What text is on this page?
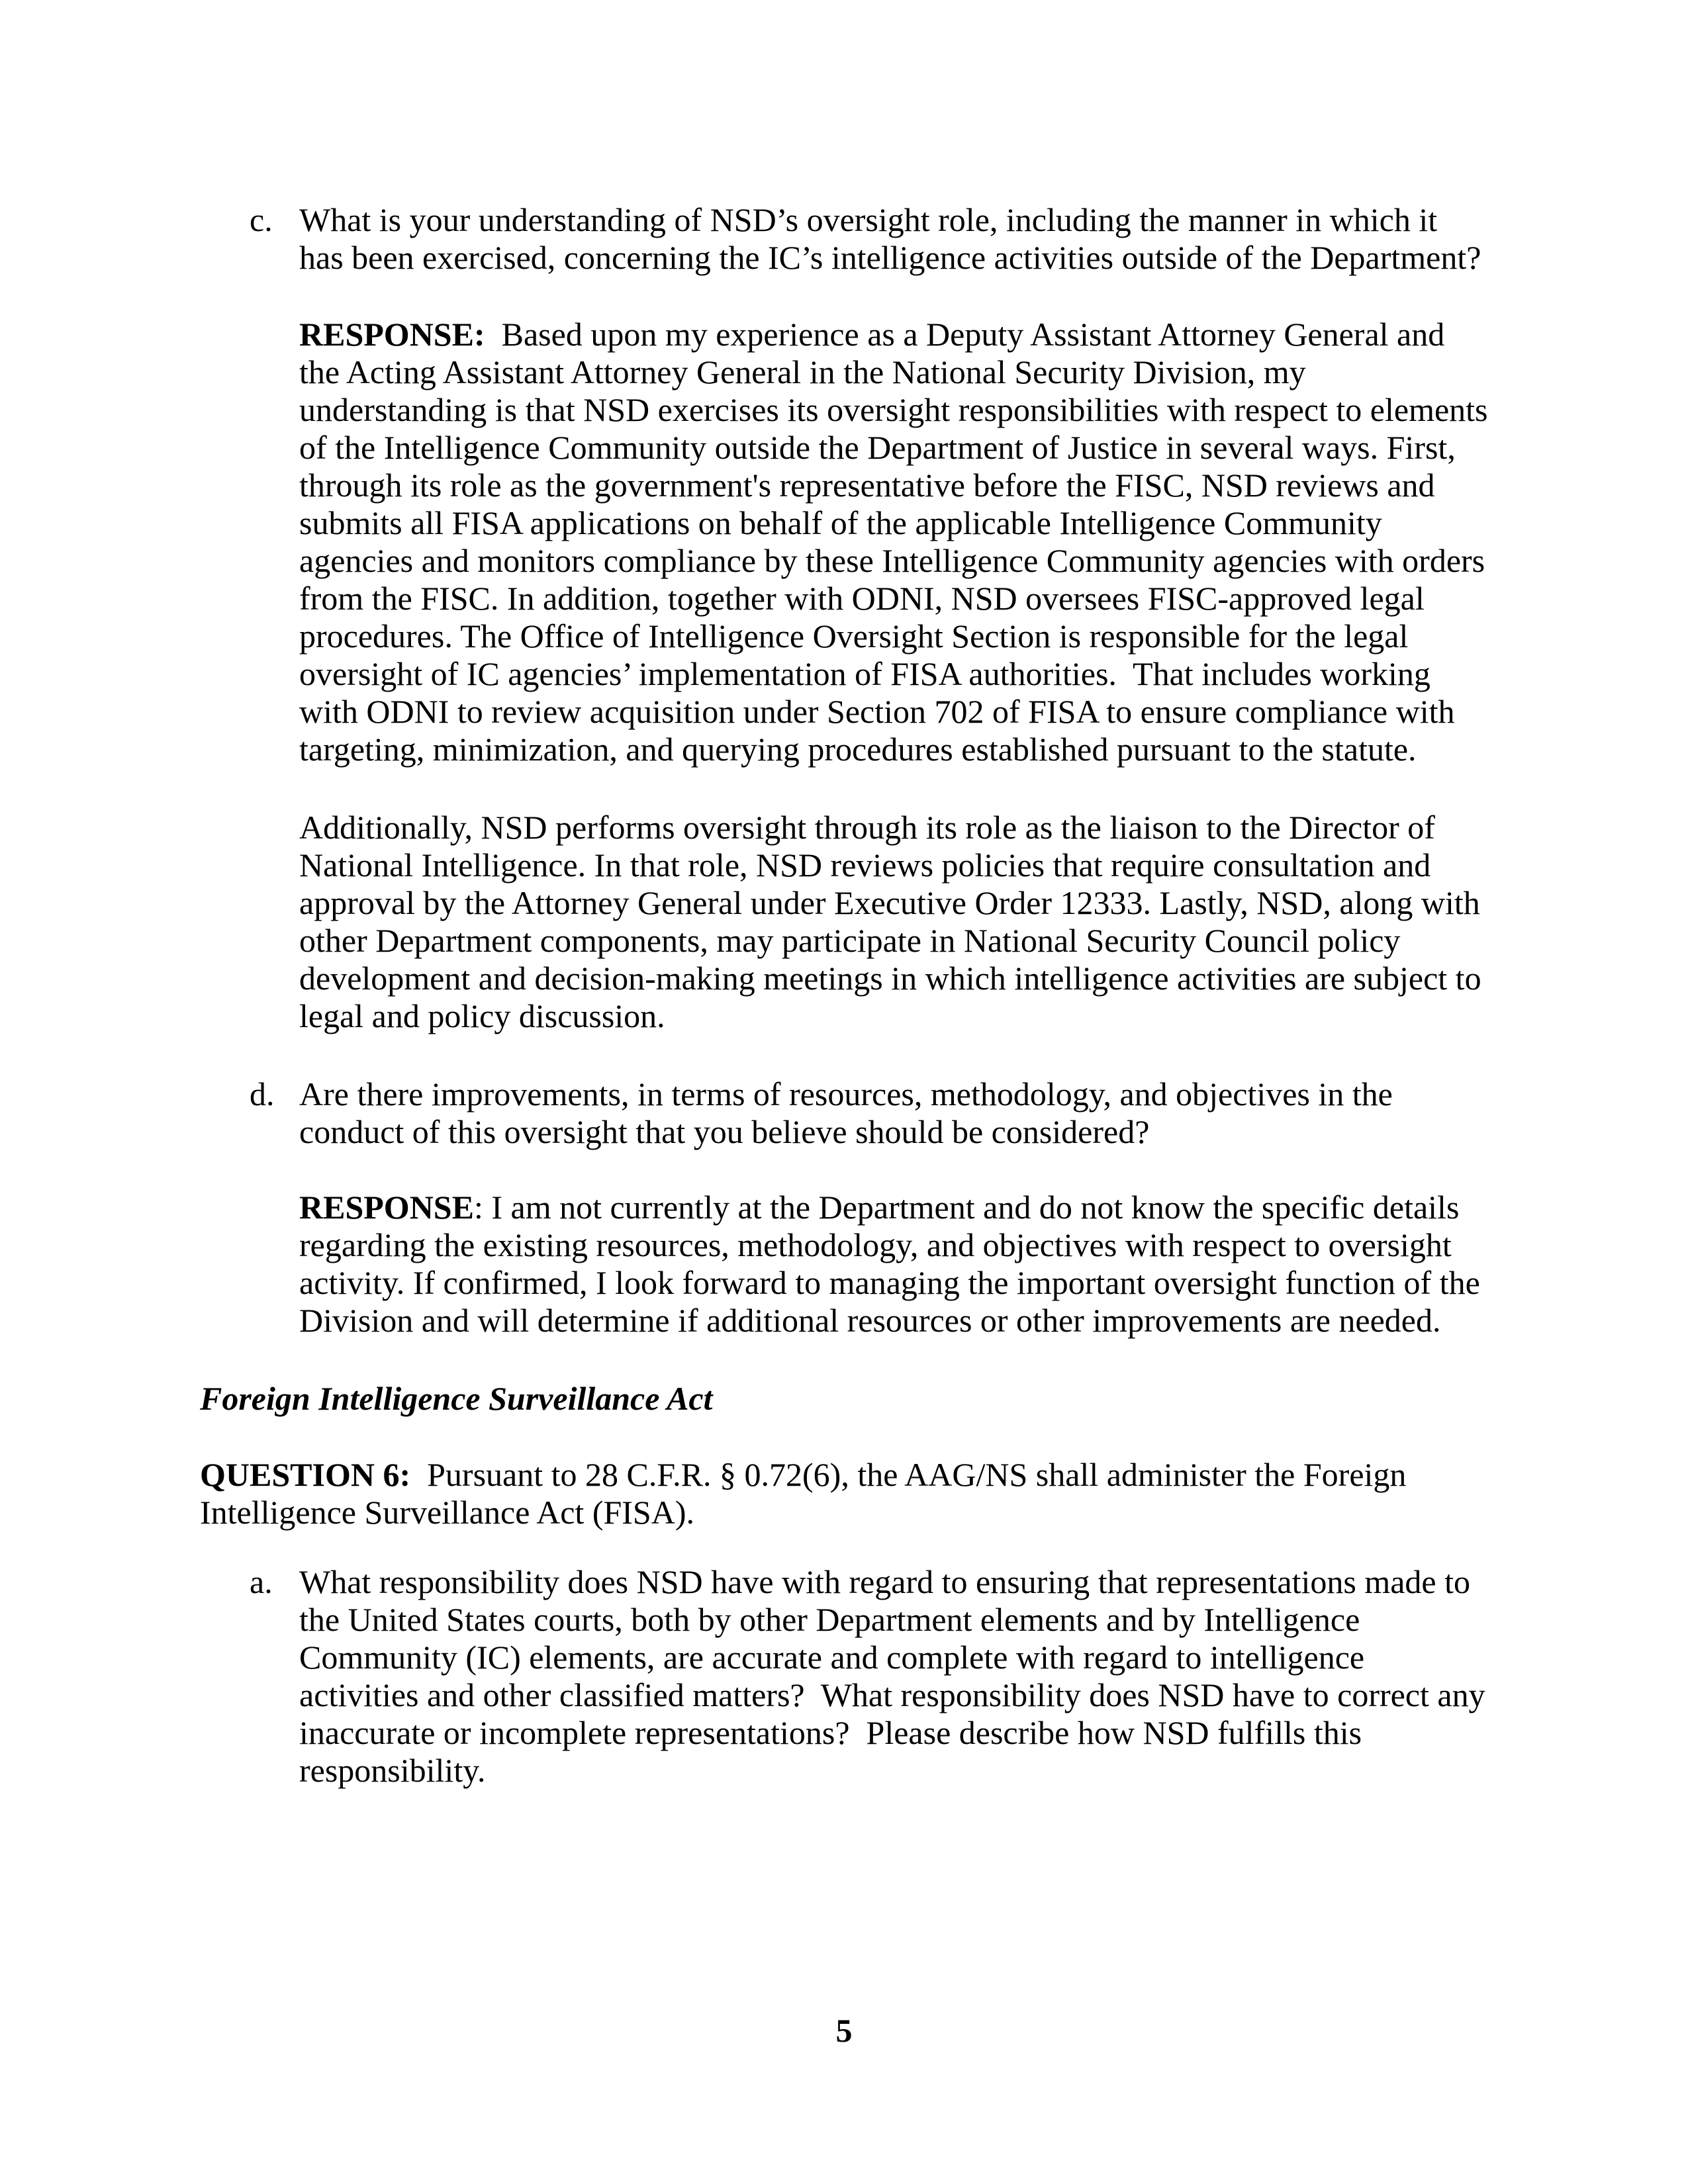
c. What is your understanding of NSD’s oversight role, including the manner in which it
has been exercised, concerning the IC’s intelligence activities outside of the Department?
RESPONSE:  Based upon my experience as a Deputy Assistant Attorney General and
the Acting Assistant Attorney General in the National Security Division, my
understanding is that NSD exercises its oversight responsibilities with respect to elements
of the Intelligence Community outside the Department of Justice in several ways. First,
through its role as the government's representative before the FISC, NSD reviews and
submits all FISA applications on behalf of the applicable Intelligence Community
agencies and monitors compliance by these Intelligence Community agencies with orders
from the FISC. In addition, together with ODNI, NSD oversees FISC-approved legal
procedures. The Office of Intelligence Oversight Section is responsible for the legal
oversight of IC agencies’ implementation of FISA authorities.  That includes working
with ODNI to review acquisition under Section 702 of FISA to ensure compliance with
targeting, minimization, and querying procedures established pursuant to the statute.
Additionally, NSD performs oversight through its role as the liaison to the Director of
National Intelligence. In that role, NSD reviews policies that require consultation and
approval by the Attorney General under Executive Order 12333. Lastly, NSD, along with
other Department components, may participate in National Security Council policy
development and decision-making meetings in which intelligence activities are subject to
legal and policy discussion.
d. Are there improvements, in terms of resources, methodology, and objectives in the
conduct of this oversight that you believe should be considered?
RESPONSE: I am not currently at the Department and do not know the specific details
regarding the existing resources, methodology, and objectives with respect to oversight
activity. If confirmed, I look forward to managing the important oversight function of the
Division and will determine if additional resources or other improvements are needed.
Foreign Intelligence Surveillance Act
QUESTION 6:  Pursuant to 28 C.F.R. § 0.72(6), the AAG/NS shall administer the Foreign
Intelligence Surveillance Act (FISA).
a. What responsibility does NSD have with regard to ensuring that representations made to
the United States courts, both by other Department elements and by Intelligence
Community (IC) elements, are accurate and complete with regard to intelligence
activities and other classified matters?  What responsibility does NSD have to correct any
inaccurate or incomplete representations?  Please describe how NSD fulfills this
responsibility.
5
